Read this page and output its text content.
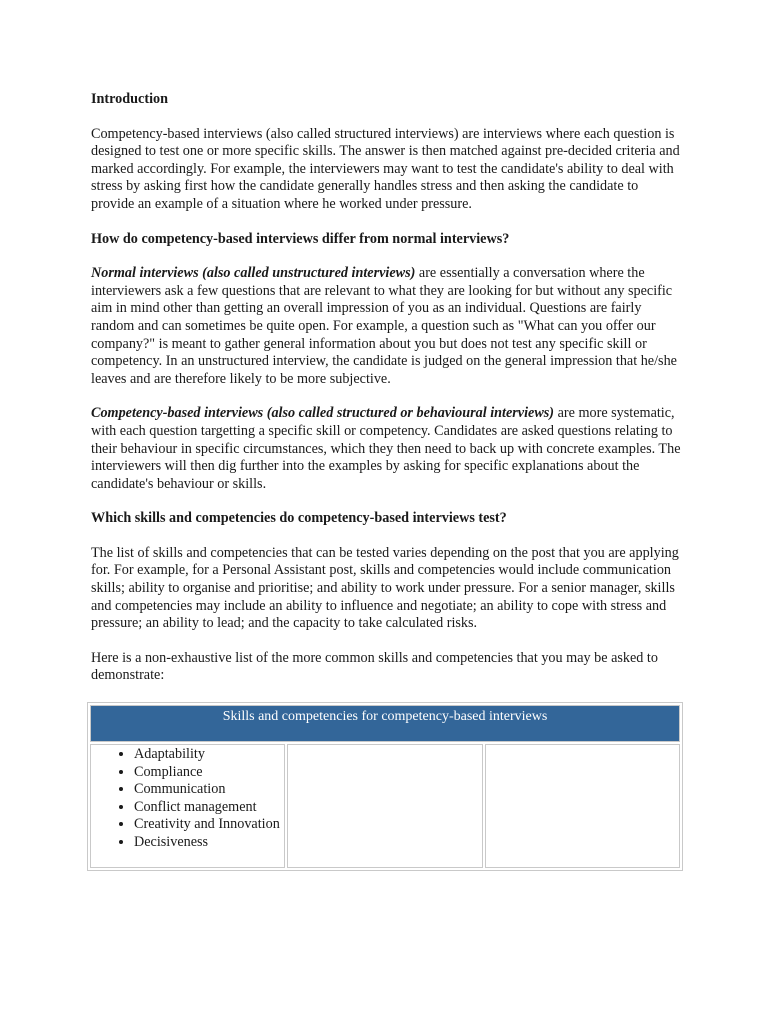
Introduction

Competency-based interviews (also called structured interviews) are interviews where each question is designed to test one or more specific skills. The answer is then matched against pre-decided criteria and marked accordingly. For example, the interviewers may want to test the candidate's ability to deal with stress by asking first how the candidate generally handles stress and then asking the candidate to provide an example of a situation where he worked under pressure.

How do competency-based interviews differ from normal interviews?

Normal interviews (also called unstructured interviews) are essentially a conversation where the interviewers ask a few questions that are relevant to what they are looking for but without any specific aim in mind other than getting an overall impression of you as an individual. Questions are fairly random and can sometimes be quite open. For example, a question such as "What can you offer our company?" is meant to gather general information about you but does not test any specific skill or competency. In an unstructured interview, the candidate is judged on the general impression that he/she leaves and are therefore likely to be more subjective.

Competency-based interviews (also called structured or behavioural interviews) are more systematic, with each question targetting a specific skill or competency. Candidates are asked questions relating to their behaviour in specific circumstances, which they then need to back up with concrete examples. The interviewers will then dig further into the examples by asking for specific explanations about the candidate's behaviour or skills.

Which skills and competencies do competency-based interviews test?

The list of skills and competencies that can be tested varies depending on the post that you are applying for. For example, for a Personal Assistant post, skills and competencies would include communication skills; ability to organise and prioritise; and ability to work under pressure. For a senior manager, skills and competencies may include an ability to influence and negotiate; an ability to cope with stress and pressure; an ability to lead; and the capacity to take calculated risks.

Here is a non-exhaustive list of the more common skills and competencies that you may be asked to demonstrate:

Skills and competencies for competency-based interviews

• Adaptability
• Compliance
• Communication
• Conflict management
• Creativity and Innovation
• Decisiveness
